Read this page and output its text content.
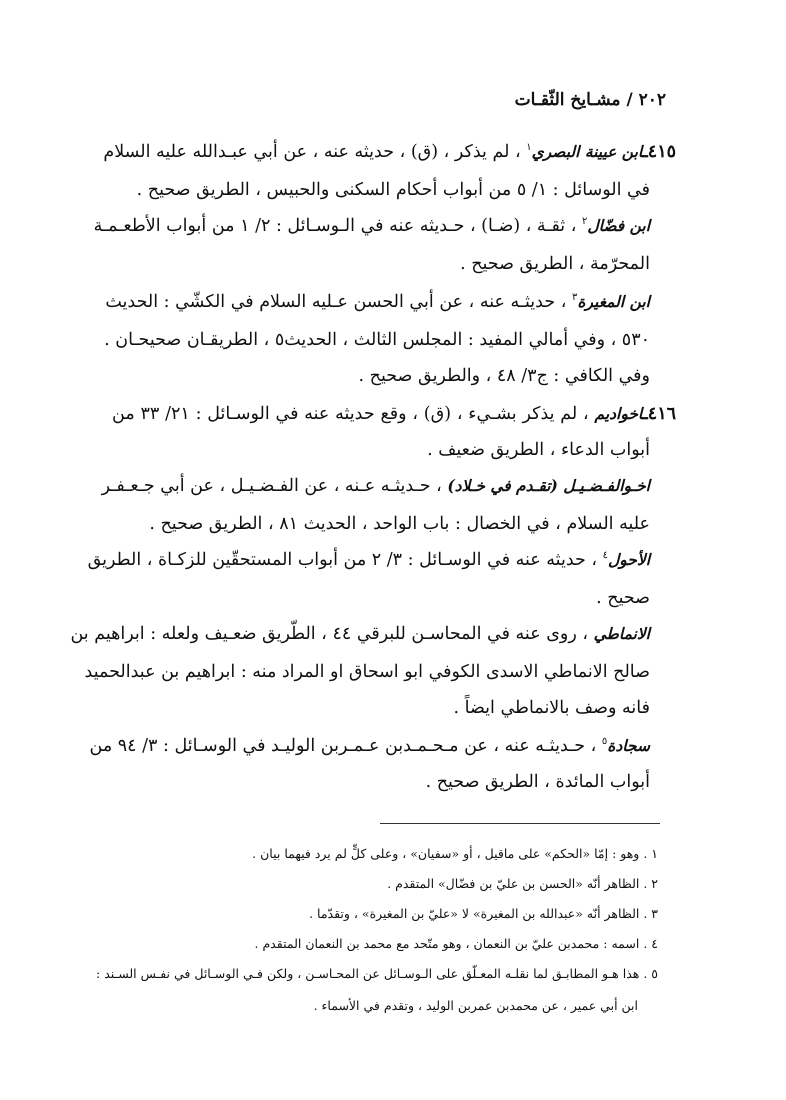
٢٠٢ / مشـايخ الثّقـات
٤١٥ـابن عيينة البصري$^١$ ، لم يذكر ، (ق) ، حديثه عنه ، عن أبي عبـدالله عليه السلام
في الوسائل : ١/ ٥ من أبواب أحكام السكنى والحبيس ، الطريق صحيح .
ابن فضّال$^٢$ ، ثقـة ، (ضـا) ، حـديثه عنه في الـوسـائل : ٢/ ١ من أبواب الأطعـمـة
المحرّمة ، الطريق صحيح .
ابن المغيرة$^٣$ ، حديثـه عنه ، عن أبي الحسن عـليه السلام في الكشّي : الحديث
٥٣٠ ، وفي أمالي المفيد : المجلس الثالث ، الحديث٥ ، الطريقـان صحيحـان .
وفي الكافي : ج٣/ ٤٨ ، والطريق صحيح .
٤١٦ـاخوادیم ، لم يذكر بشـيء ، (ق) ، وقع حديثه عنه في الوسـائل : ٢١/ ٣٣ من
أبواب الدعاء ، الطريق ضعيف .
اخـوالفـضـيـل (تقـدم في خـلاد) ، حـديثـه عـنه ، عن الفـضـيـل ، عن أبي جـعـفـر
عليه السلام ، في الخصال : باب الواحد ، الحديث ٨١ ، الطريق صحيح .
الأحول$^٤$ ، حديثه عنه في الوسـائل : ٣/ ٢ من أبواب المستحقّين للزكـاة ، الطريق
صحيح .
الانماطي ، روى عنه في المحاسـن للبرقي ٤٤ ، الطّريق ضعـيف ولعله : ابراهيم بن
صالح الانماطي الاسدى الكوفي ابو اسحاق او المراد منه : ابراهيم بن عبدالحميد
فانه وصف بالانماطي ايضاً .
سجادة$^٥$ ، حـديثـه عنه ، عن مـحـمـدبن عـمـربن الوليـد في الوسـائل : ٣/ ٩٤ من
أبواب المائدة ، الطريق صحيح .
١ . وهو : إمّا «الحكم» على ماقيل ، أو «سفيان» ، وعلى كلٍّ لم يرد فيهما بيان .
٢ . الظاهر أنّه «الحسن بن عليّ بن فضّال» المتقدم .
٣ . الظاهر أنّه «عبدالله بن المغيرة» لا «عليّ بن المغيرة» ، وتقدّما .
٤ . اسمه : محمدبن عليّ بن النعمان ، وهو متّحد مع محمد بن النعمان المتقدم .
٥ . هذا هـو المطابـق لما نقلـه المعـلّق على الـوسـائل عن المحـاسـن ، ولكن فـي الوسـائل في نفـس السـند :
ابن أبي عمير ، عن محمدبن عمربن الوليد ، وتقدم في الأسماء .
